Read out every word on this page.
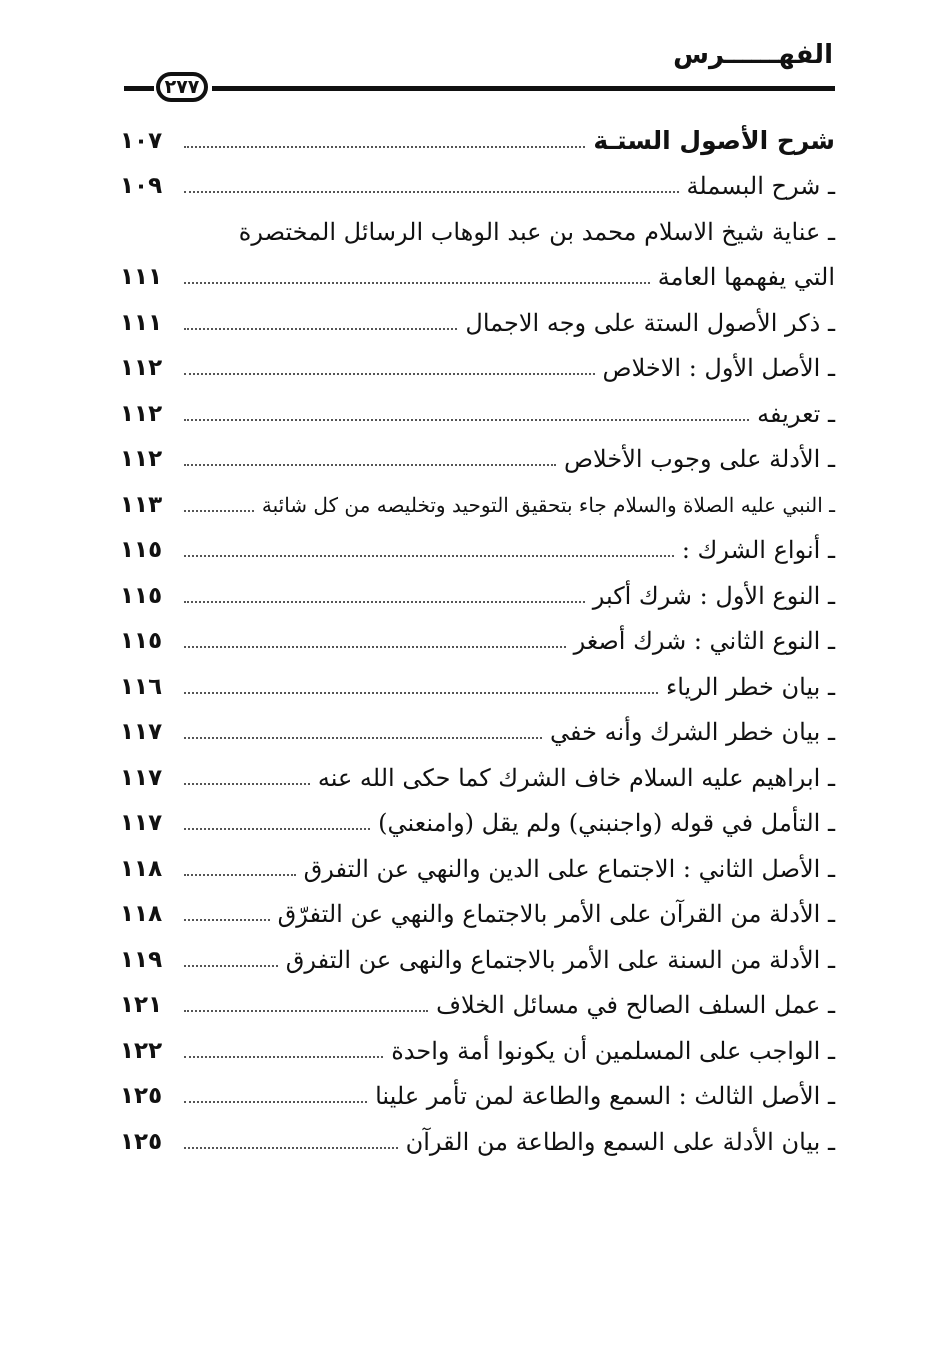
الفهــــــرس
٢٧٧
شرح الأصول الستـة
١٠٧
ـ شرح البسملة
١٠٩
ـ عناية شيخ الاسلام محمد بن عبد الوهاب الرسائل المختصرة
التي يفهمها العامة
١١١
ـ ذكر الأصول الستة على وجه الاجمال
١١١
ـ الأصل الأول : الاخلاص
١١٢
ـ تعريفه
١١٢
ـ الأدلة على وجوب الأخلاص
١١٢
ـ النبي عليه الصلاة والسلام جاء بتحقيق التوحيد وتخليصه من كل شائبة
١١٣
ـ أنواع الشرك :
١١٥
ـ النوع الأول : شرك أكبر
١١٥
ـ النوع الثاني : شرك أصغر
١١٥
ـ بيان خطر الرياء
١١٦
ـ بيان خطر الشرك وأنه خفي
١١٧
ـ ابراهيم عليه السلام خاف الشرك كما حكى الله عنه
١١٧
ـ التأمل في قوله (واجنبني) ولم يقل (وامنعني)
١١٧
ـ الأصل الثاني : الاجتماع على الدين والنهي عن التفرق
١١٨
ـ الأدلة من القرآن على الأمر بالاجتماع والنهي عن التفرّق
١١٨
ـ الأدلة من السنة على الأمر بالاجتماع والنهى عن التفرق
١١٩
ـ عمل السلف الصالح في مسائل الخلاف
١٢١
ـ الواجب على المسلمين أن يكونوا أمة واحدة
١٢٢
ـ الأصل الثالث : السمع والطاعة لمن تأمر علينا
١٢٥
ـ بيان الأدلة على السمع والطاعة من القرآن
١٢٥
